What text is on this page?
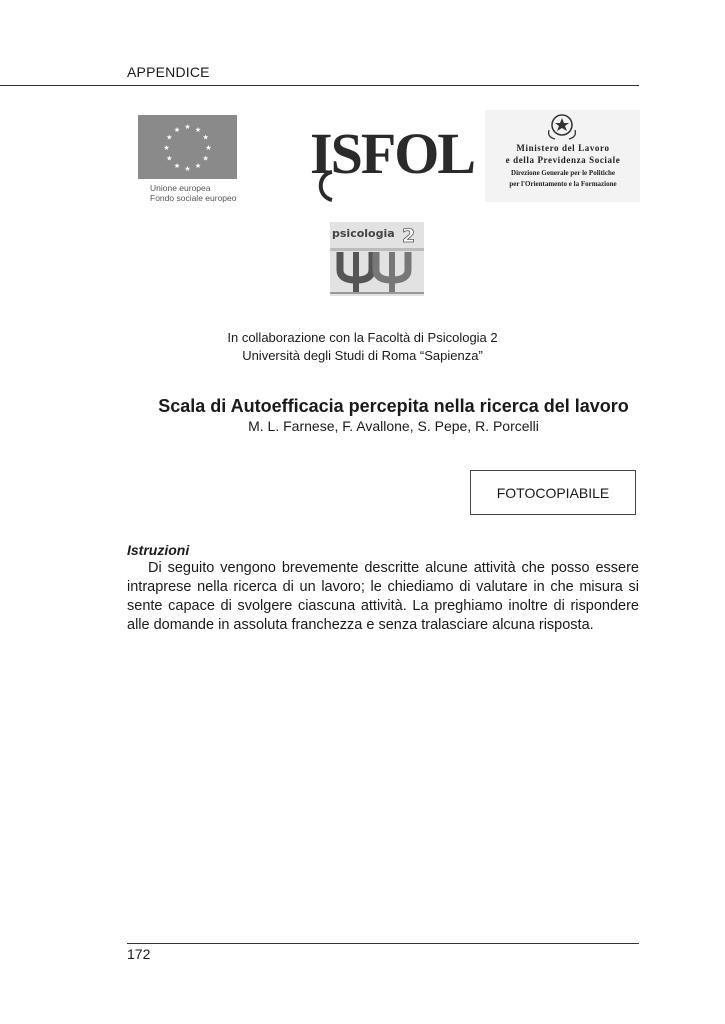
APPENDICE
★ ★
★
★
★
★
★
★
★
★
★
★
Unione europea
Fondo sociale europeo
ISFOL	Ministero del Lavoro
e della Previdenza Sociale
Direzione Generale per le Politiche
per l'Orientamento e la Formazione
psicologia 2
In collaborazione con la Facoltà di Psicologia 2
Università degli Studi di Roma “Sapienza”
Scala di Autoefficacia percepita nella ricerca del lavoro
M. L. Farnese, F. Avallone, S. Pepe, R. Porcelli
FOTOCOPIABILE
Istruzioni

Di seguito vengono brevemente descritte alcune attività che posso essere intraprese nella ricerca di un lavoro; le chiediamo di valutare in che misura si sente capace di svolgere ciascuna attività. La preghiamo inoltre di rispondere alle domande in assoluta franchezza e senza tralasciare alcuna risposta.

172
